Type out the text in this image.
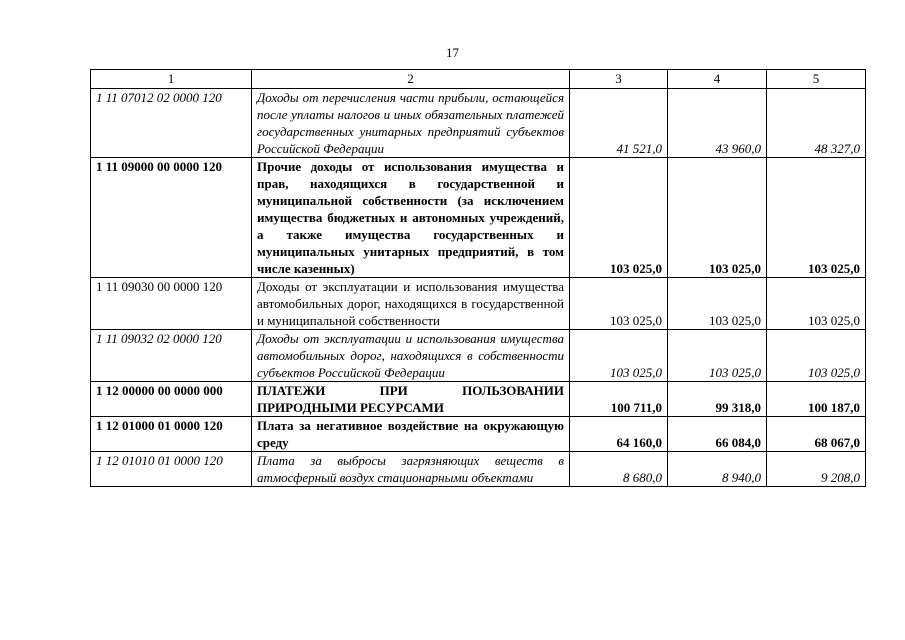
17
1	2	3	4	5
1 11 07012 02 0000 120	Доходы от перечисления части прибыли, остающейся после уплаты налогов и иных обязательных платежей государственных унитарных предприятий субъектов Российской Федерации	41 521,0	43 960,0	48 327,0
1 11 09000 00 0000 120	Прочие доходы от использования имущества и прав, находящихся в государственной и муниципальной собственности (за исключением имущества бюджетных и автономных учреждений, а также имущества государственных и муниципальных унитарных предприятий, в том числе казенных)	103 025,0	103 025,0	103 025,0
1 11 09030 00 0000 120	Доходы от эксплуатации и использования имущества автомобильных дорог, находящихся в государственной и муниципальной собственности	103 025,0	103 025,0	103 025,0
1 11 09032 02 0000 120	Доходы от эксплуатации и использования имущества автомобильных дорог, находящихся в собственности субъектов Российской Федерации	103 025,0	103 025,0	103 025,0
1 12 00000 00 0000 000	ПЛАТЕЖИ ПРИ ПОЛЬЗОВАНИИ ПРИРОДНЫМИ РЕСУРСАМИ	100 711,0	99 318,0	100 187,0
1 12 01000 01 0000 120	Плата за негативное воздействие на окружающую среду	64 160,0	66 084,0	68 067,0
1 12 01010 01 0000 120	Плата за выбросы загрязняющих веществ в атмосферный воздух стационарными объектами	8 680,0	8 940,0	9 208,0
